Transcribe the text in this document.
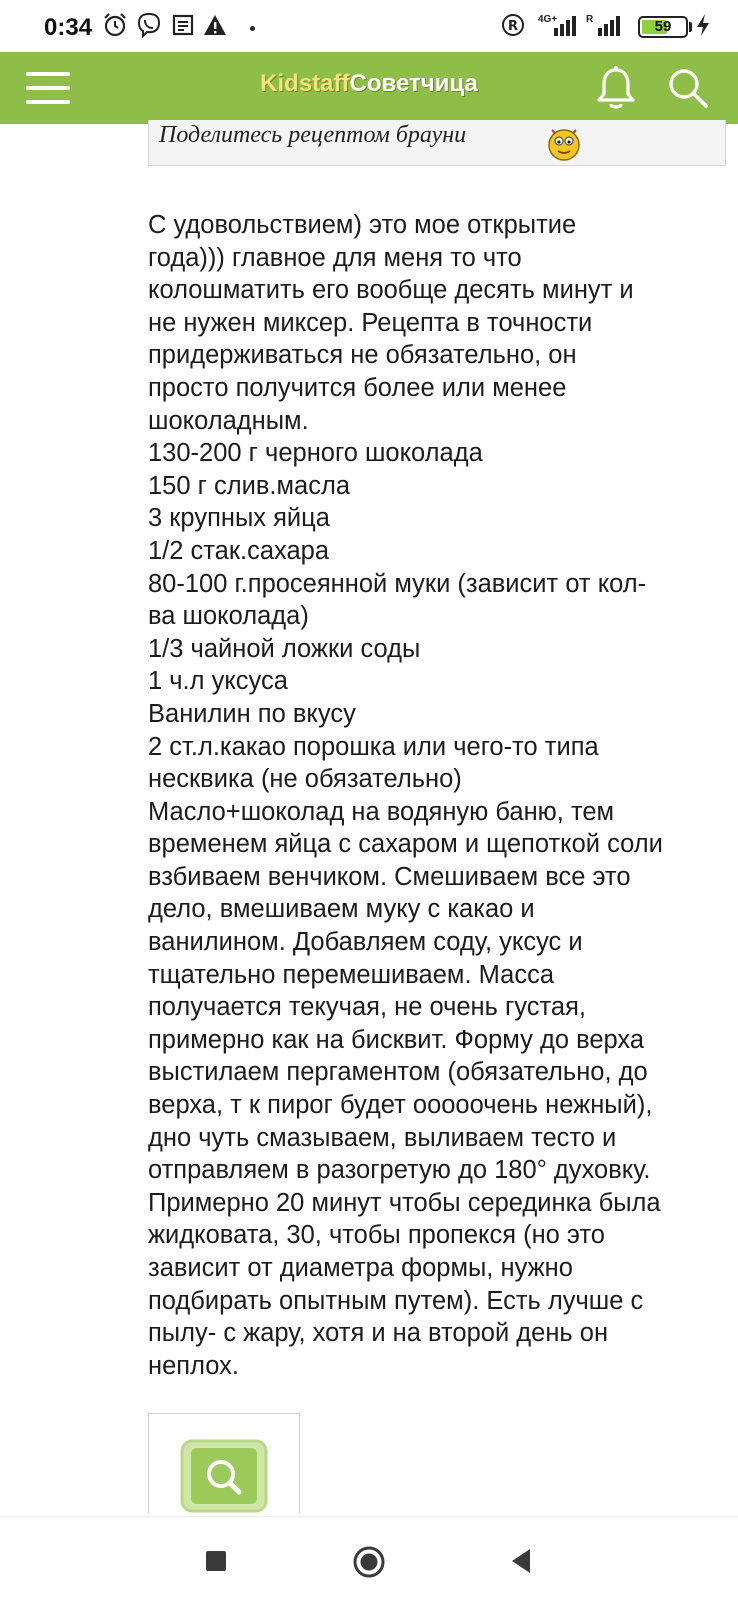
0:34	R 4G+	R	59
KidstaffСоветчица
Поделитесь рецептом брауни
С удовольствием) это мое открытие
года))) главное для меня то что
колошматить его вообще десять минут и
не нужен миксер. Рецепта в точности
придерживаться не обязательно, он
просто получится более или менее
шоколадным.
130-200 г черного шоколада
150 г слив.масла
3 крупных яйца
1/2 стак.сахара
80-100 г.просеянной муки (зависит от кол-
ва шоколада)
1/3 чайной ложки соды
1 ч.л уксуса
Ванилин по вкусу
2 ст.л.какао порошка или чего-то типа
несквика (не обязательно)
Масло+шоколад на водяную баню, тем
временем яйца с сахаром и щепоткой соли
взбиваем венчиком. Смешиваем все это
дело, вмешиваем муку с какао и
ванилином. Добавляем соду, уксус и
тщательно перемешиваем. Масса
получается текучая, не очень густая,
примерно как на бисквит. Форму до верха
выстилаем пергаментом (обязательно, до
верха, т к пирог будет ооооочень нежный),
дно чуть смазываем, выливаем тесто и
отправляем в разогретую до 180° духовку.
Примерно 20 минут чтобы серединка была
жидковата, 30, чтобы пропекся (но это
зависит от диаметра формы, нужно
подбирать опытным путем). Есть лучше с
пылу- с жару, хотя и на второй день он
неплох.
